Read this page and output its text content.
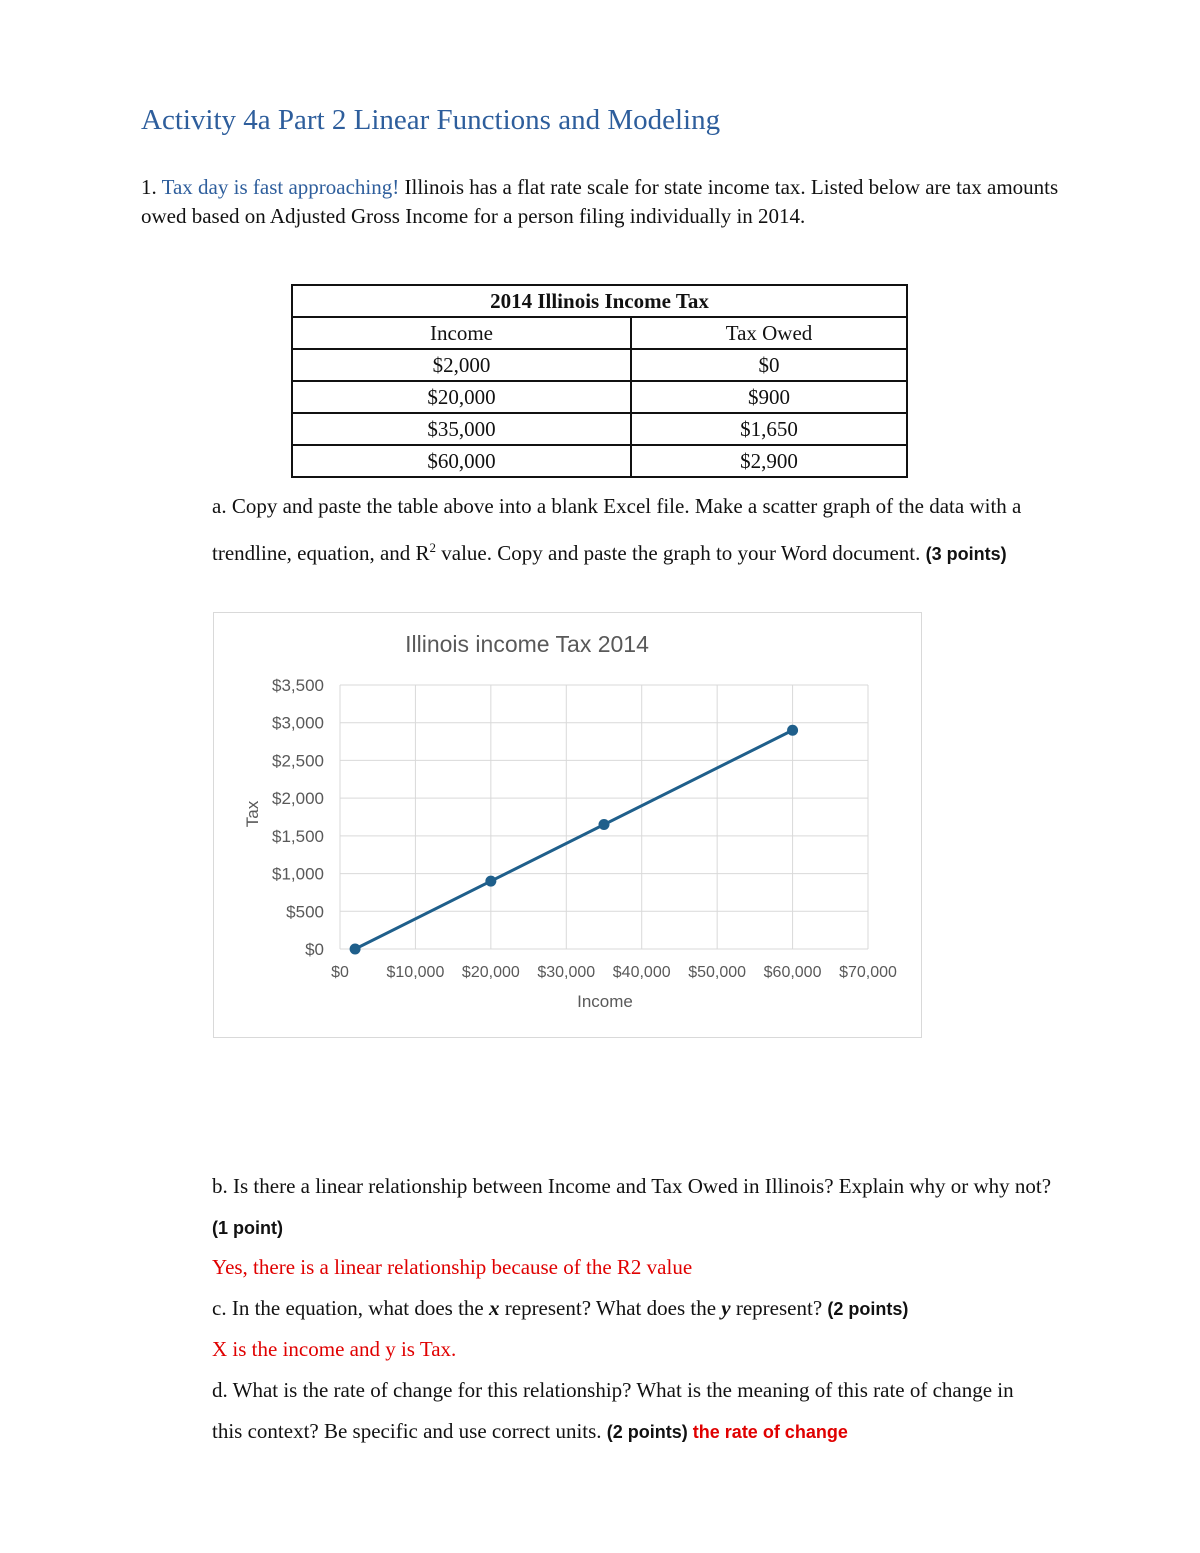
Activity 4a Part 2 Linear Functions and Modeling
1. Tax day is fast approaching! Illinois has a flat rate scale for state income tax. Listed below are tax amounts owed based on Adjusted Gross Income for a person filing individually in 2014.
2014 Illinois Income Tax	
Income	Tax Owed
$2,000	$0
$20,000	$900
$35,000	$1,650
$60,000	$2,900
a. Copy and paste the table above into a blank Excel file. Make a scatter graph of the data with a trendline, equation, and $R^2$ value. Copy and paste the graph to your Word document. (3 points)
Illinois income Tax 2014
$0
$500
$1,000
$1,500
$2,000
$2,500
$3,000
$3,500
$0 $10,000 $20,000 $30,000 $40,000 $50,000 $60,000 $70,000
Income
Tax
b. Is there a linear relationship between Income and Tax Owed in Illinois? Explain why or why not? (1 point)
Yes, there is a linear relationship because of the R2 value
c. In the equation, what does the x represent? What does the y represent? (2 points)
X is the income and y is Tax.
d. What is the rate of change for this relationship? What is the meaning of this rate of change in this context? Be specific and use correct units. (2 points) the rate of change
